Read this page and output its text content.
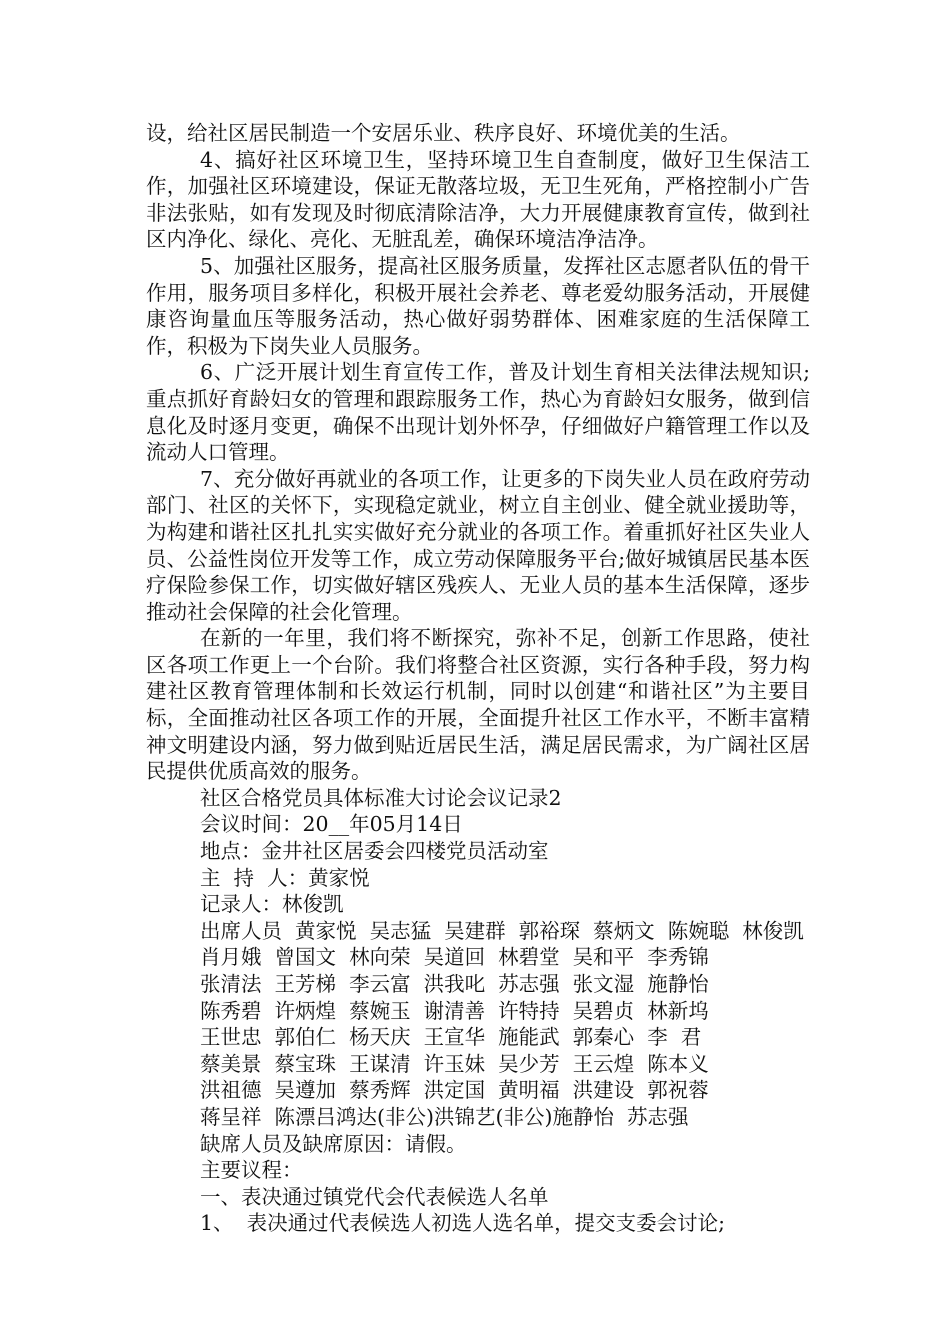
设，给社区居民制造一个安居乐业、秩序良好、环境优美的生活。

4、搞好社区环境卫生，坚持环境卫生自查制度，做好卫生保洁工作，加强社区环境建设，保证无散落垃圾，无卫生死角，严格控制小广告非法张贴，如有发现及时彻底清除洁净，大力开展健康教育宣传，做到社区内净化、绿化、亮化、无脏乱差，确保环境洁净洁净。

5、加强社区服务，提高社区服务质量，发挥社区志愿者队伍的骨干作用，服务项目多样化，积极开展社会养老、尊老爱幼服务活动，开展健康咨询量血压等服务活动，热心做好弱势群体、困难家庭的生活保障工作，积极为下岗失业人员服务。

6、广泛开展计划生育宣传工作，普及计划生育相关法律法规知识;重点抓好育龄妇女的管理和跟踪服务工作，热心为育龄妇女服务，做到信息化及时逐月变更，确保不出现计划外怀孕，仔细做好户籍管理工作以及流动人口管理。

7、充分做好再就业的各项工作，让更多的下岗失业人员在政府劳动部门、社区的关怀下，实现稳定就业，树立自主创业、健全就业援助等，为构建和谐社区扎扎实实做好充分就业的各项工作。着重抓好社区失业人员、公益性岗位开发等工作，成立劳动保障服务平台;做好城镇居民基本医疗保险参保工作，切实做好辖区残疾人、无业人员的基本生活保障，逐步推动社会保障的社会化管理。

在新的一年里，我们将不断探究，弥补不足，创新工作思路，使社区各项工作更上一个台阶。我们将整合社区资源，实行各种手段，努力构建社区教育管理体制和长效运行机制，同时以创建“和谐社区”为主要目标，全面推动社区各项工作的开展，全面提升社区工作水平，不断丰富精神文明建设内涵，努力做到贴近居民生活，满足居民需求，为广阔社区居民提供优质高效的服务。

社区合格党员具体标准大讨论会议记录2

会议时间：20__年05月14日

地点：金井社区居委会四楼党员活动室

主  持  人：黄家悦

记录人：林俊凯

出席人员  黄家悦  吴志猛  吴建群  郭裕琛  蔡炳文  陈婉聪  林俊凯

肖月娥  曾国文  林向荣  吴道回  林碧堂  吴和平  李秀锦

张清法  王芳梯  李云富  洪我叱  苏志强  张文湿  施静怡

陈秀碧  许炳煌  蔡婉玉  谢清善  许特持  吴碧贞  林新坞

王世忠  郭伯仁  杨天庆  王宣华  施能武  郭秦心  李  君

蔡美景  蔡宝珠  王谋清  许玉妹  吴少芳  王云煌  陈本义

洪祖德  吴遵加  蔡秀辉  洪定国  黄明福  洪建设  郭祝蓉

蒋呈祥  陈漂吕鸿达(非公)洪锦艺(非公)施静怡  苏志强

缺席人员及缺席原因：请假。

主要议程：

一、表决通过镇党代会代表候选人名单

1、  表决通过代表候选人初选人选名单，提交支委会讨论;
